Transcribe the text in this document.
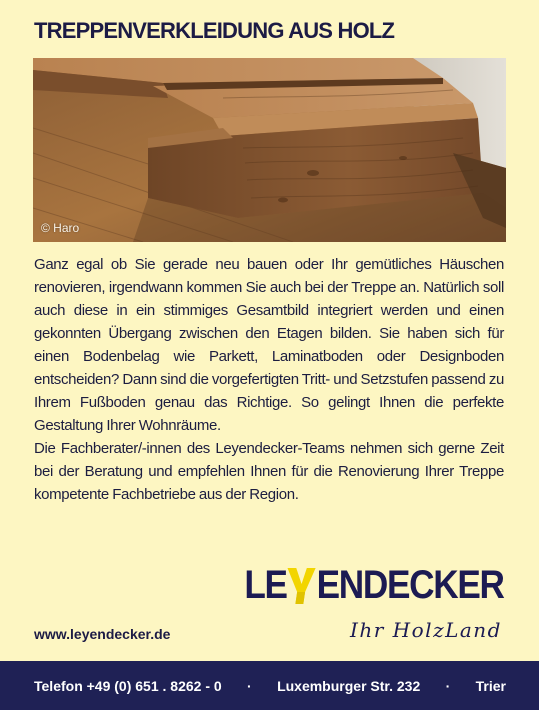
TREPPENVERKLEIDUNG AUS HOLZ
© Haro

Ganz egal ob Sie gerade neu bauen oder Ihr gemütliches Häuschen renovieren, irgendwann kommen Sie auch bei der Treppe an. Natürlich soll auch diese in ein stimmiges Gesamtbild integriert werden und einen gekonnten Übergang zwischen den Etagen bilden. Sie haben sich für einen Bodenbelag wie Parkett, Laminatboden oder Designboden entscheiden? Dann sind die vorgefertigten Tritt- und Setzstufen passend zu Ihrem Fußboden genau das Richtige. So gelingt Ihnen die perfekte Gestaltung Ihrer Wohnräume.

Die Fachberater/-innen des Leyendecker-Teams nehmen sich gerne Zeit bei der Beratung und empfehlen Ihnen für die Renovierung Ihrer Treppe kompetente Fachbetriebe aus der Region.

LE ENDECKER
Ihr HolzLand
www.leyendecker.de
Telefon +49 (0) 651 . 8262 - 0 · Luxemburger Str. 232 · Trier
